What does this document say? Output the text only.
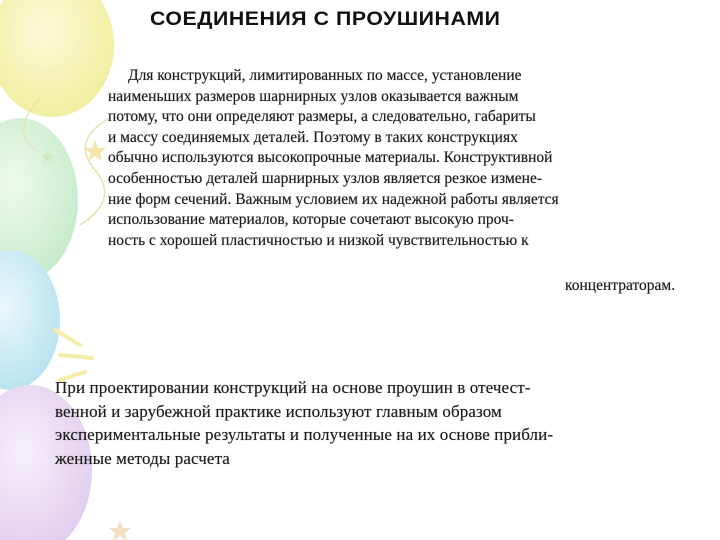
СОЕДИНЕНИЯ С ПРОУШИНАМИ
Для конструкций, лимитированных по массе, установление
наименьших размеров шарнирных узлов оказывается важным
потому, что они определяют размеры, а следовательно, габариты
и массу соединяемых деталей. Поэтому в таких конструкциях
обычно используются высокопрочные материалы. Конструктивной
особенностью деталей шарнирных узлов является резкое измене-
ние форм сечений. Важным условием их надежной работы является
использование материалов, которые сочетают высокую проч-
ность с хорошей пластичностью и низкой чувствительностью к
концентраторам.
При проектировании конструкций на основе проушин в отечест-
венной и зарубежной практике используют главным образом
экспериментальные результаты и полученные на их основе прибли-
женные методы расчета
